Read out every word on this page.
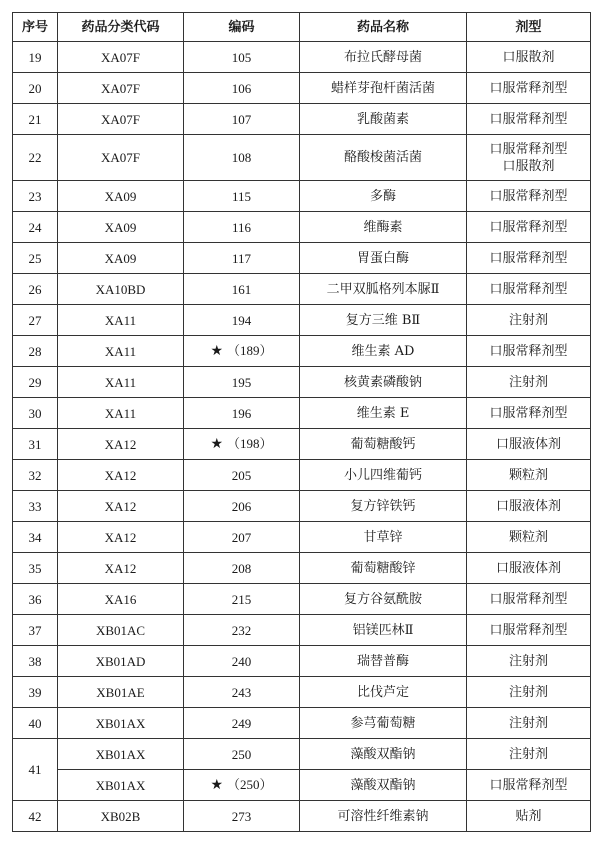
序号	药品分类代码	编码	药品名称	剂型
19	XA07F	105	布拉氏酵母菌	口服散剂

20	XA07F	106	蜡样芽孢杆菌活菌	口服常释剂型

21	XA07F	107	乳酸菌素	口服常释剂型

22	XA07F	108	酪酸梭菌活菌	口服常释剂型
口服散剂

23	XA09	115	多酶	口服常释剂型

24	XA09	116	维酶素	口服常释剂型

25	XA09	117	胃蛋白酶	口服常释剂型

26	XA10BD	161	二甲双胍格列本脲Ⅱ	口服常释剂型

27	XA11	194	复方三维 BⅡ	注射剂

28	XA11	★ （189）	维生素 AD	口服常释剂型

29	XA11	195	核黄素磷酸钠	注射剂

30	XA11	196	维生素 E	口服常释剂型

31	XA12	★ （198）	葡萄糖酸钙	口服液体剂

32	XA12	205	小儿四维葡钙	颗粒剂

33	XA12	206	复方锌铁钙	口服液体剂

34	XA12	207	甘草锌	颗粒剂

35	XA12	208	葡萄糖酸锌	口服液体剂

36	XA16	215	复方谷氨酰胺	口服常释剂型

37	XB01AC	232	铝镁匹林Ⅱ	口服常释剂型

38	XB01AD	240	瑞替普酶	注射剂

39	XB01AE	243	比伐芦定	注射剂

40	XB01AX	249	参芎葡萄糖	注射剂

41	XB01AX	250	藻酸双酯钠	注射剂

	XB01AX	★ （250）	藻酸双酯钠	口服常释剂型

42	XB02B	273	可溶性纤维素钠	贴剂
